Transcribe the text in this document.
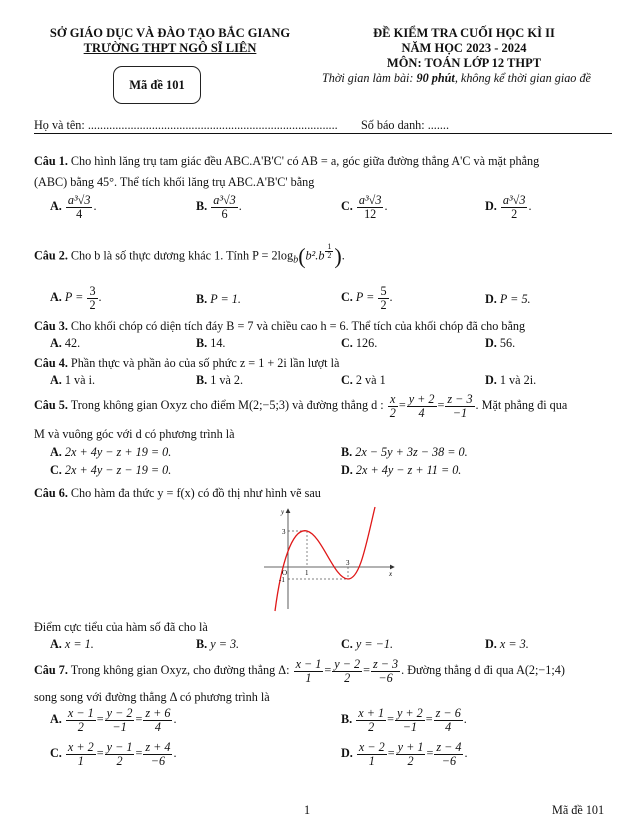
SỞ GIÁO DỤC VÀ ĐÀO TẠO BẮC GIANG
TRƯỜNG THPT NGÔ SĨ LIÊN
Mã đề 101
ĐỀ KIỂM TRA CUỐI HỌC KÌ II
NĂM HỌC 2023 - 2024
MÔN: TOÁN LỚP 12 THPT
Thời gian làm bài: 90 phút, không kể thời gian giao đề
Họ và tên: .................................................................................. Số báo danh: .......
Câu 1. Cho hình lăng trụ tam giác đều ABC.A'B'C' có AB = a, góc giữa đường thẳng A'C và mặt phẳng
(ABC) bằng 45°. Thể tích khối lăng trụ ABC.A'B'C' bằng
A. $\frac{\text{a³√3}}{4}$ .	B. $\frac{\text{a³√3}}{6}$ .	C. $\frac{\text{a³√3}}{12}$ .	D. $\frac{\text{a³√3}}{2}$ .
Câu 2. Cho b là số thực dương khác 1. Tính $P = 2\log_b(b^2.b$ $^{\frac{1}{2}}$ ).
A. $P = \frac{3}{2}$ .	B. P = 1.	C. $P = \frac{5}{2}$ .	D. P = 5.
Câu 3. Cho khối chóp có diện tích đáy B = 7 và chiều cao h = 6. Thể tích của khối chóp đã cho bằng
A. 42.	B. 14.	C. 126.	D. 56.
Câu 4. Phần thực và phần ảo của số phức z = 1 + 2i lần lượt là
A. 1 và i.	B. 1 và 2.	C. 2 và 1	D. 1 và 2i.
Câu 5. Trong không gian Oxyz cho điểm M(2;−5;3) và đường thẳng d : $\frac{x}{2} = \frac{y + 2}{4} = \frac{z - 3}{-1}$ . Mặt phẳng đi qua
M và vuông góc với d có phương trình là
A. 2x + 4y − z + 19 = 0.	B. 2x − 5y + 3z − 38 = 0.
C. 2x + 4y − z − 19 = 0.	D. 2x + 4y − z + 11 = 0.
Câu 6. Cho hàm đa thức y = f(x) có đồ thị như hình vẽ sau
y
x
O
3
1
3
-1
Điểm cực tiểu của hàm số đã cho là
A. x = 1.	B. y = 3.	C. y = −1.	D. x = 3.
Câu 7. Trong không gian Oxyz, cho đường thẳng Δ: $\frac{x - 1}{1} = \frac{y - 2}{2} = \frac{z - 3}{-6}$ . Đường thẳng d đi qua A(2;−1;4)
song song với đường thẳng Δ có phương trình là
A. $\frac{x - 1}{2} = \frac{y - 2}{-1} = \frac{z + 6}{4}$ .	B. $\frac{x + 1}{2} = \frac{y + 2}{-1} = \frac{z - 6}{4}$ .
C. $\frac{x + 2}{1} = \frac{y - 1}{2} = \frac{z + 4}{-6}$ .	D. $\frac{x - 2}{1} = \frac{y + 1}{2} = \frac{z - 4}{-6}$ .
1	Mã đề 101
